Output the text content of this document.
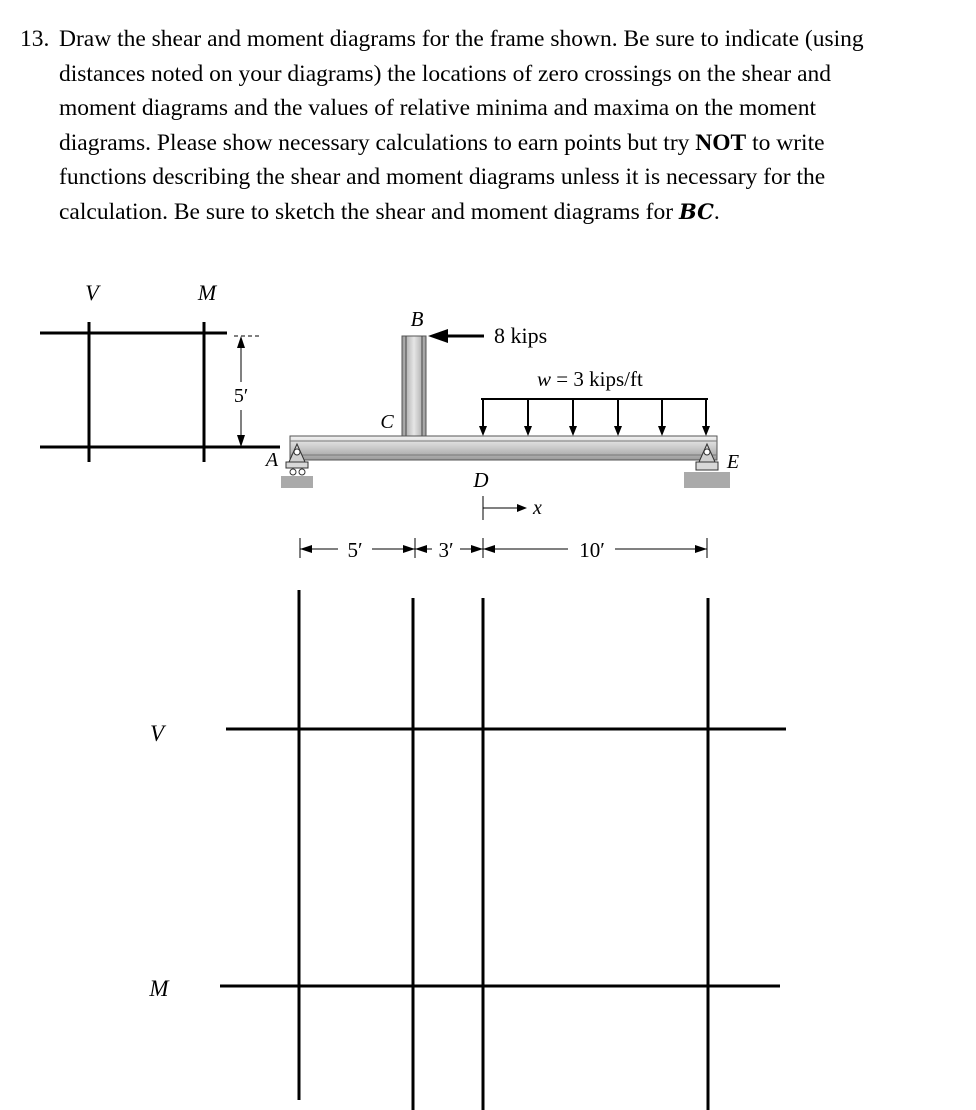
13. Draw the shear and moment diagrams for the frame shown. Be sure to indicate (using
distances noted on your diagrams) the locations of zero crossings on the shear and
moment diagrams and the values of relative minima and maxima on the moment
diagrams. Please show necessary calculations to earn points but try NOT to write
functions describing the shear and moment diagrams unless it is necessary for the
calculation. Be sure to sketch the shear and moment diagrams for BC.
V	M
5′
B
C
8 kips
w = 3 kips/ft
A	E
D
x
5′	3′	10′
V
M
